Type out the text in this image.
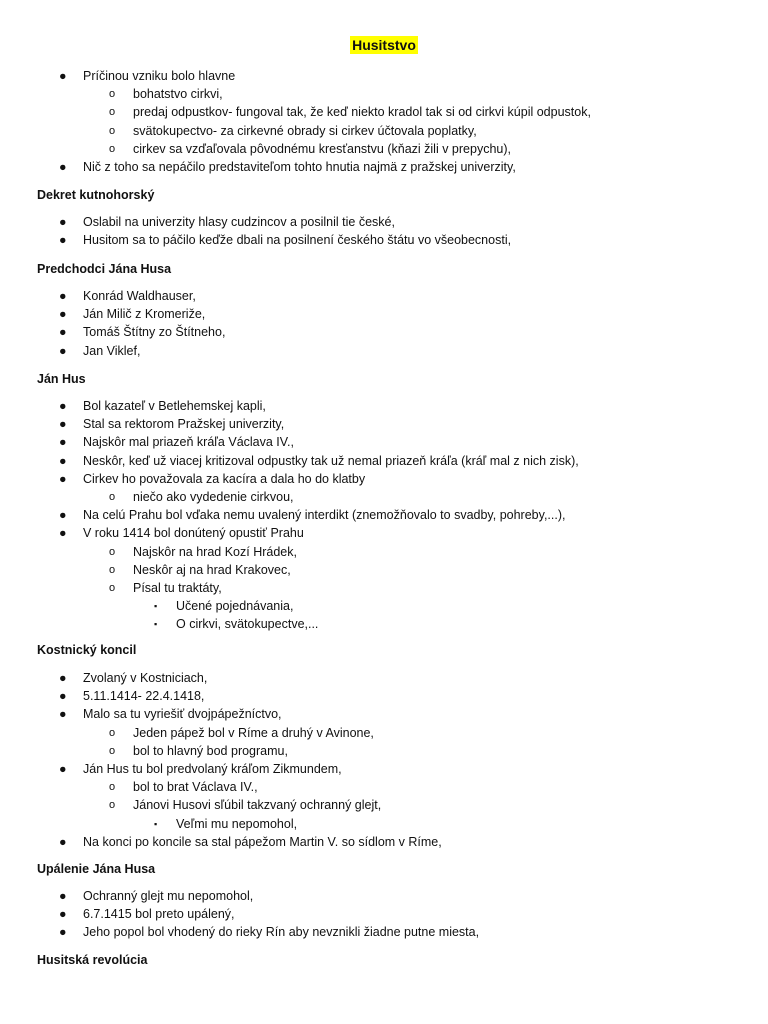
Husitstvo
● Príčinou vzniku bolo hlavne
o bohatstvo cirkvi,
o predaj odpustkov- fungoval tak, že keď niekto kradol tak si od cirkvi kúpil odpustok,
o svätokupectvo- za cirkevné obrady si cirkev účtovala poplatky,
o cirkev sa vzďaľovala pôvodnému kresťanstvu (kňazi žili v prepychu),
● Nič z toho sa nepáčilo predstaviteľom tohto hnutia najmä z pražskej univerzity,
Dekret kutnohorský
● Oslabil na univerzity hlasy cudzincov a posilnil tie české,
● Husitom sa to páčilo keďže dbali na posilnení českého štátu vo všeobecnosti,
Predchodci Jána Husa
● Konrád Waldhauser,
● Ján Milič z Kromeriže,
● Tomáš Štítny zo Štítneho,
● Jan Viklef,
Ján Hus
● Bol kazateľ v Betlehemskej kapli,
● Stal sa rektorom Pražskej univerzity,
● Najskôr mal priazeň kráľa Václava IV.,
● Neskôr, keď už viacej kritizoval odpustky tak už nemal priazeň kráľa (kráľ mal z nich zisk),
● Cirkev ho považovala za kacíra a dala ho do klatby
o niečo ako vydedenie cirkvou,
● Na celú Prahu bol vďaka nemu uvalený interdikt (znemožňovalo to svadby, pohreby,...),
● V roku 1414 bol donútený opustiť Prahu
o Najskôr na hrad Kozí Hrádek,
o Neskôr aj na hrad Krakovec,
o Písal tu traktáty,
▪ Učené pojednávania,
▪ O cirkvi, svätokupectve,...
Kostnický koncil
● Zvolaný v Kostniciach,
● 5.11.1414- 22.4.1418,
● Malo sa tu vyriešiť dvojpápežníctvo,
o Jeden pápež bol v Ríme a druhý v Avinone,
o bol to hlavný bod programu,
● Ján Hus tu bol predvolaný kráľom Zikmundem,
o bol to brat Václava IV.,
o Jánovi Husovi sľúbil takzvaný ochranný glejt,
▪ Veľmi mu nepomohol,
● Na konci po koncile sa stal pápežom Martin V. so sídlom v Ríme,
Upálenie Jána Husa
● Ochranný glejt mu nepomohol,
● 6.7.1415 bol preto upálený,
● Jeho popol bol vhodený do rieky Rín aby nevznikli žiadne putne miesta,
Husitská revolúcia
